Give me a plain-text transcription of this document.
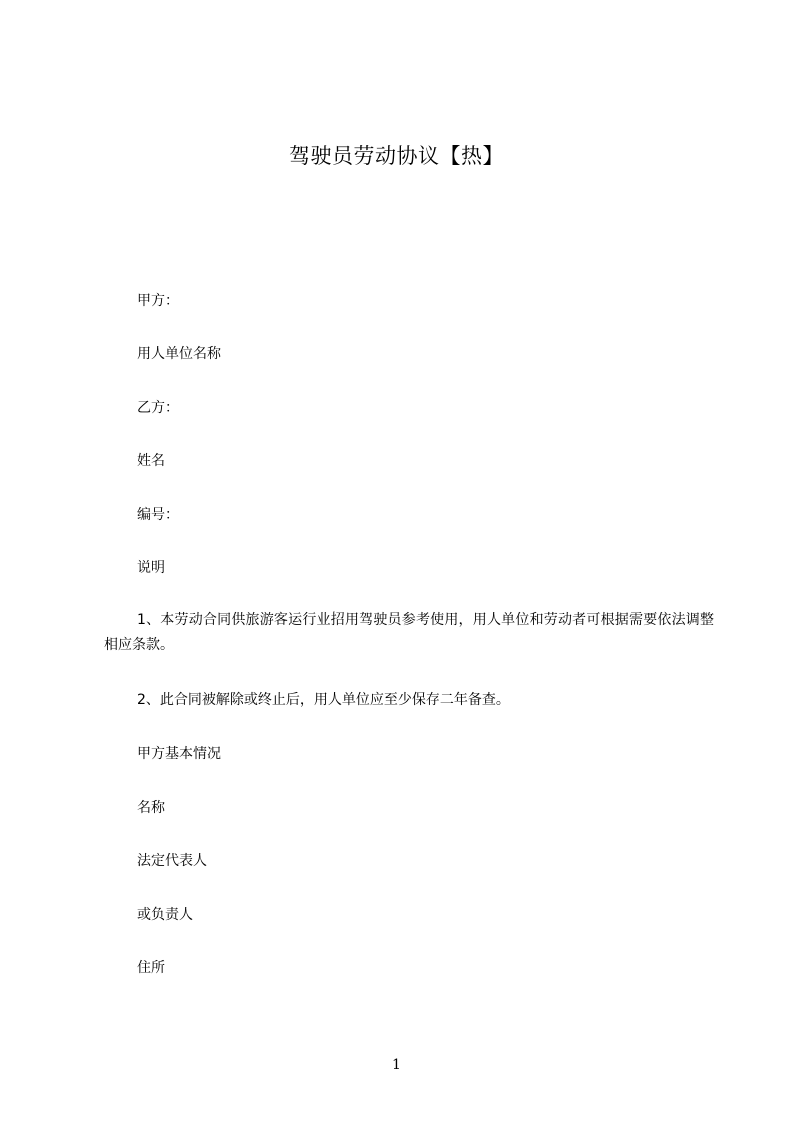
驾驶员劳动协议【热】

甲方：

用人单位名称

乙方：

姓名

编号：

说明

1、本劳动合同供旅游客运行业招用驾驶员参考使用，用人单位和劳动者可根据需要依法调整相应条款。

2、此合同被解除或终止后，用人单位应至少保存二年备查。

甲方基本情况

名称

法定代表人

或负责人

住所

1
